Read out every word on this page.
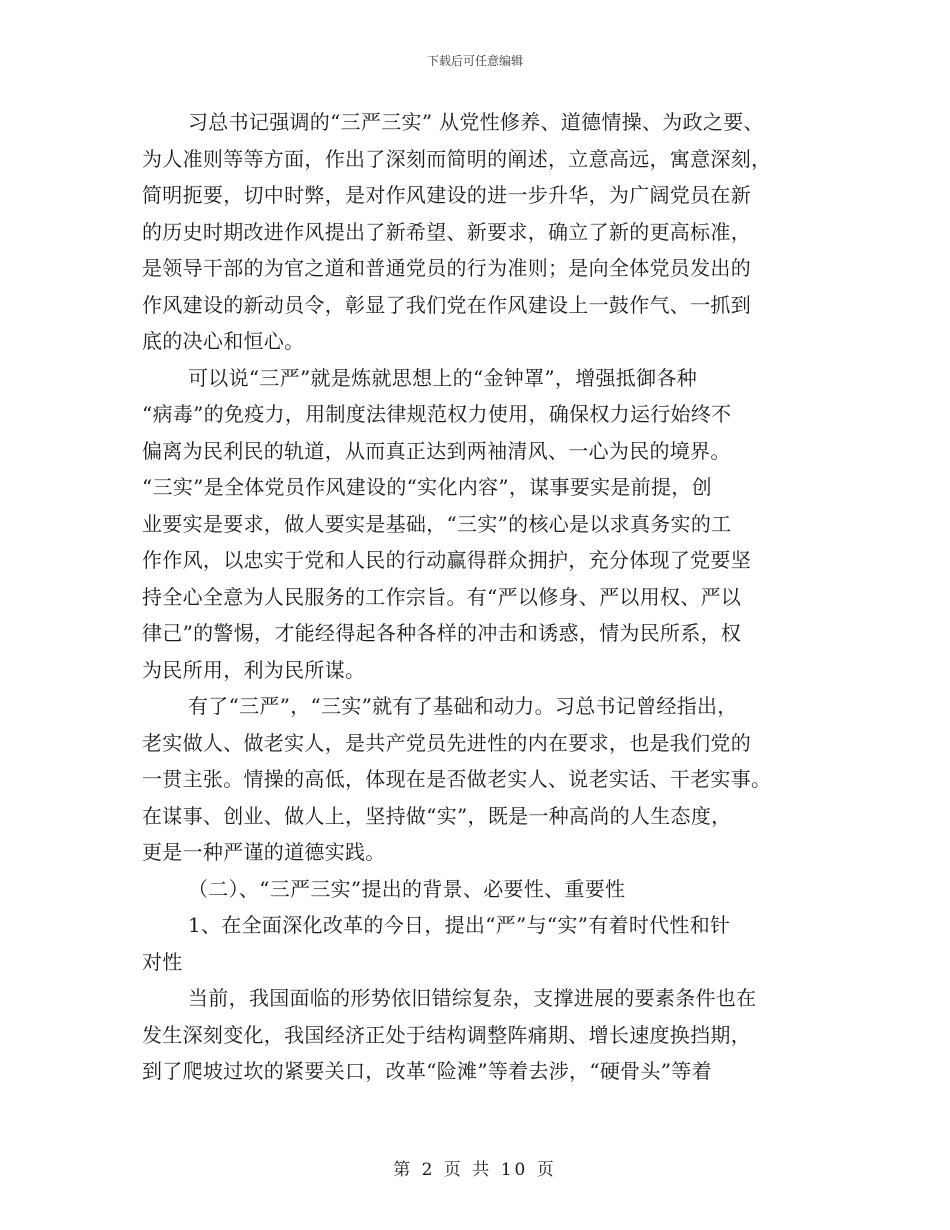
下载后可任意编辑
习总书记强调的“三严三实” 从党性修养、道德情操、为政之要、
为人准则等等方面，作出了深刻而简明的阐述，立意高远，寓意深刻，
简明扼要，切中时弊，是对作风建设的进一步升华，为广阔党员在新
的历史时期改进作风提出了新希望、新要求，确立了新的更高标准，
是领导干部的为官之道和普通党员的行为准则；是向全体党员发出的
作风建设的新动员令，彰显了我们党在作风建设上一鼓作气、一抓到
底的决心和恒心。
可以说“三严”就是炼就思想上的“金钟罩”，增强抵御各种
“病毒”的免疫力，用制度法律规范权力使用，确保权力运行始终不
偏离为民利民的轨道，从而真正达到两袖清风、一心为民的境界。
“三实”是全体党员作风建设的“实化内容”，谋事要实是前提，创
业要实是要求，做人要实是基础，“三实”的核心是以求真务实的工
作作风，以忠实于党和人民的行动赢得群众拥护，充分体现了党要坚
持全心全意为人民服务的工作宗旨。有“严以修身、严以用权、严以
律己”的警惕，才能经得起各种各样的冲击和诱惑，情为民所系，权
为民所用，利为民所谋。
有了“三严”，“三实”就有了基础和动力。习总书记曾经指出，
老实做人、做老实人，是共产党员先进性的内在要求，也是我们党的
一贯主张。情操的高低，体现在是否做老实人、说老实话、干老实事。
在谋事、创业、做人上，坚持做“实”，既是一种高尚的人生态度，
更是一种严谨的道德实践。
（二）、“三严三实”提出的背景、必要性、重要性
1、在全面深化改革的今日，提出“严”与“实”有着时代性和针
对性
当前，我国面临的形势依旧错综复杂，支撑进展的要素条件也在
发生深刻变化，我国经济正处于结构调整阵痛期、增长速度换挡期，
到了爬坡过坎的紧要关口，改革“险滩”等着去涉，“硬骨头”等着
第 2 页 共 10 页
